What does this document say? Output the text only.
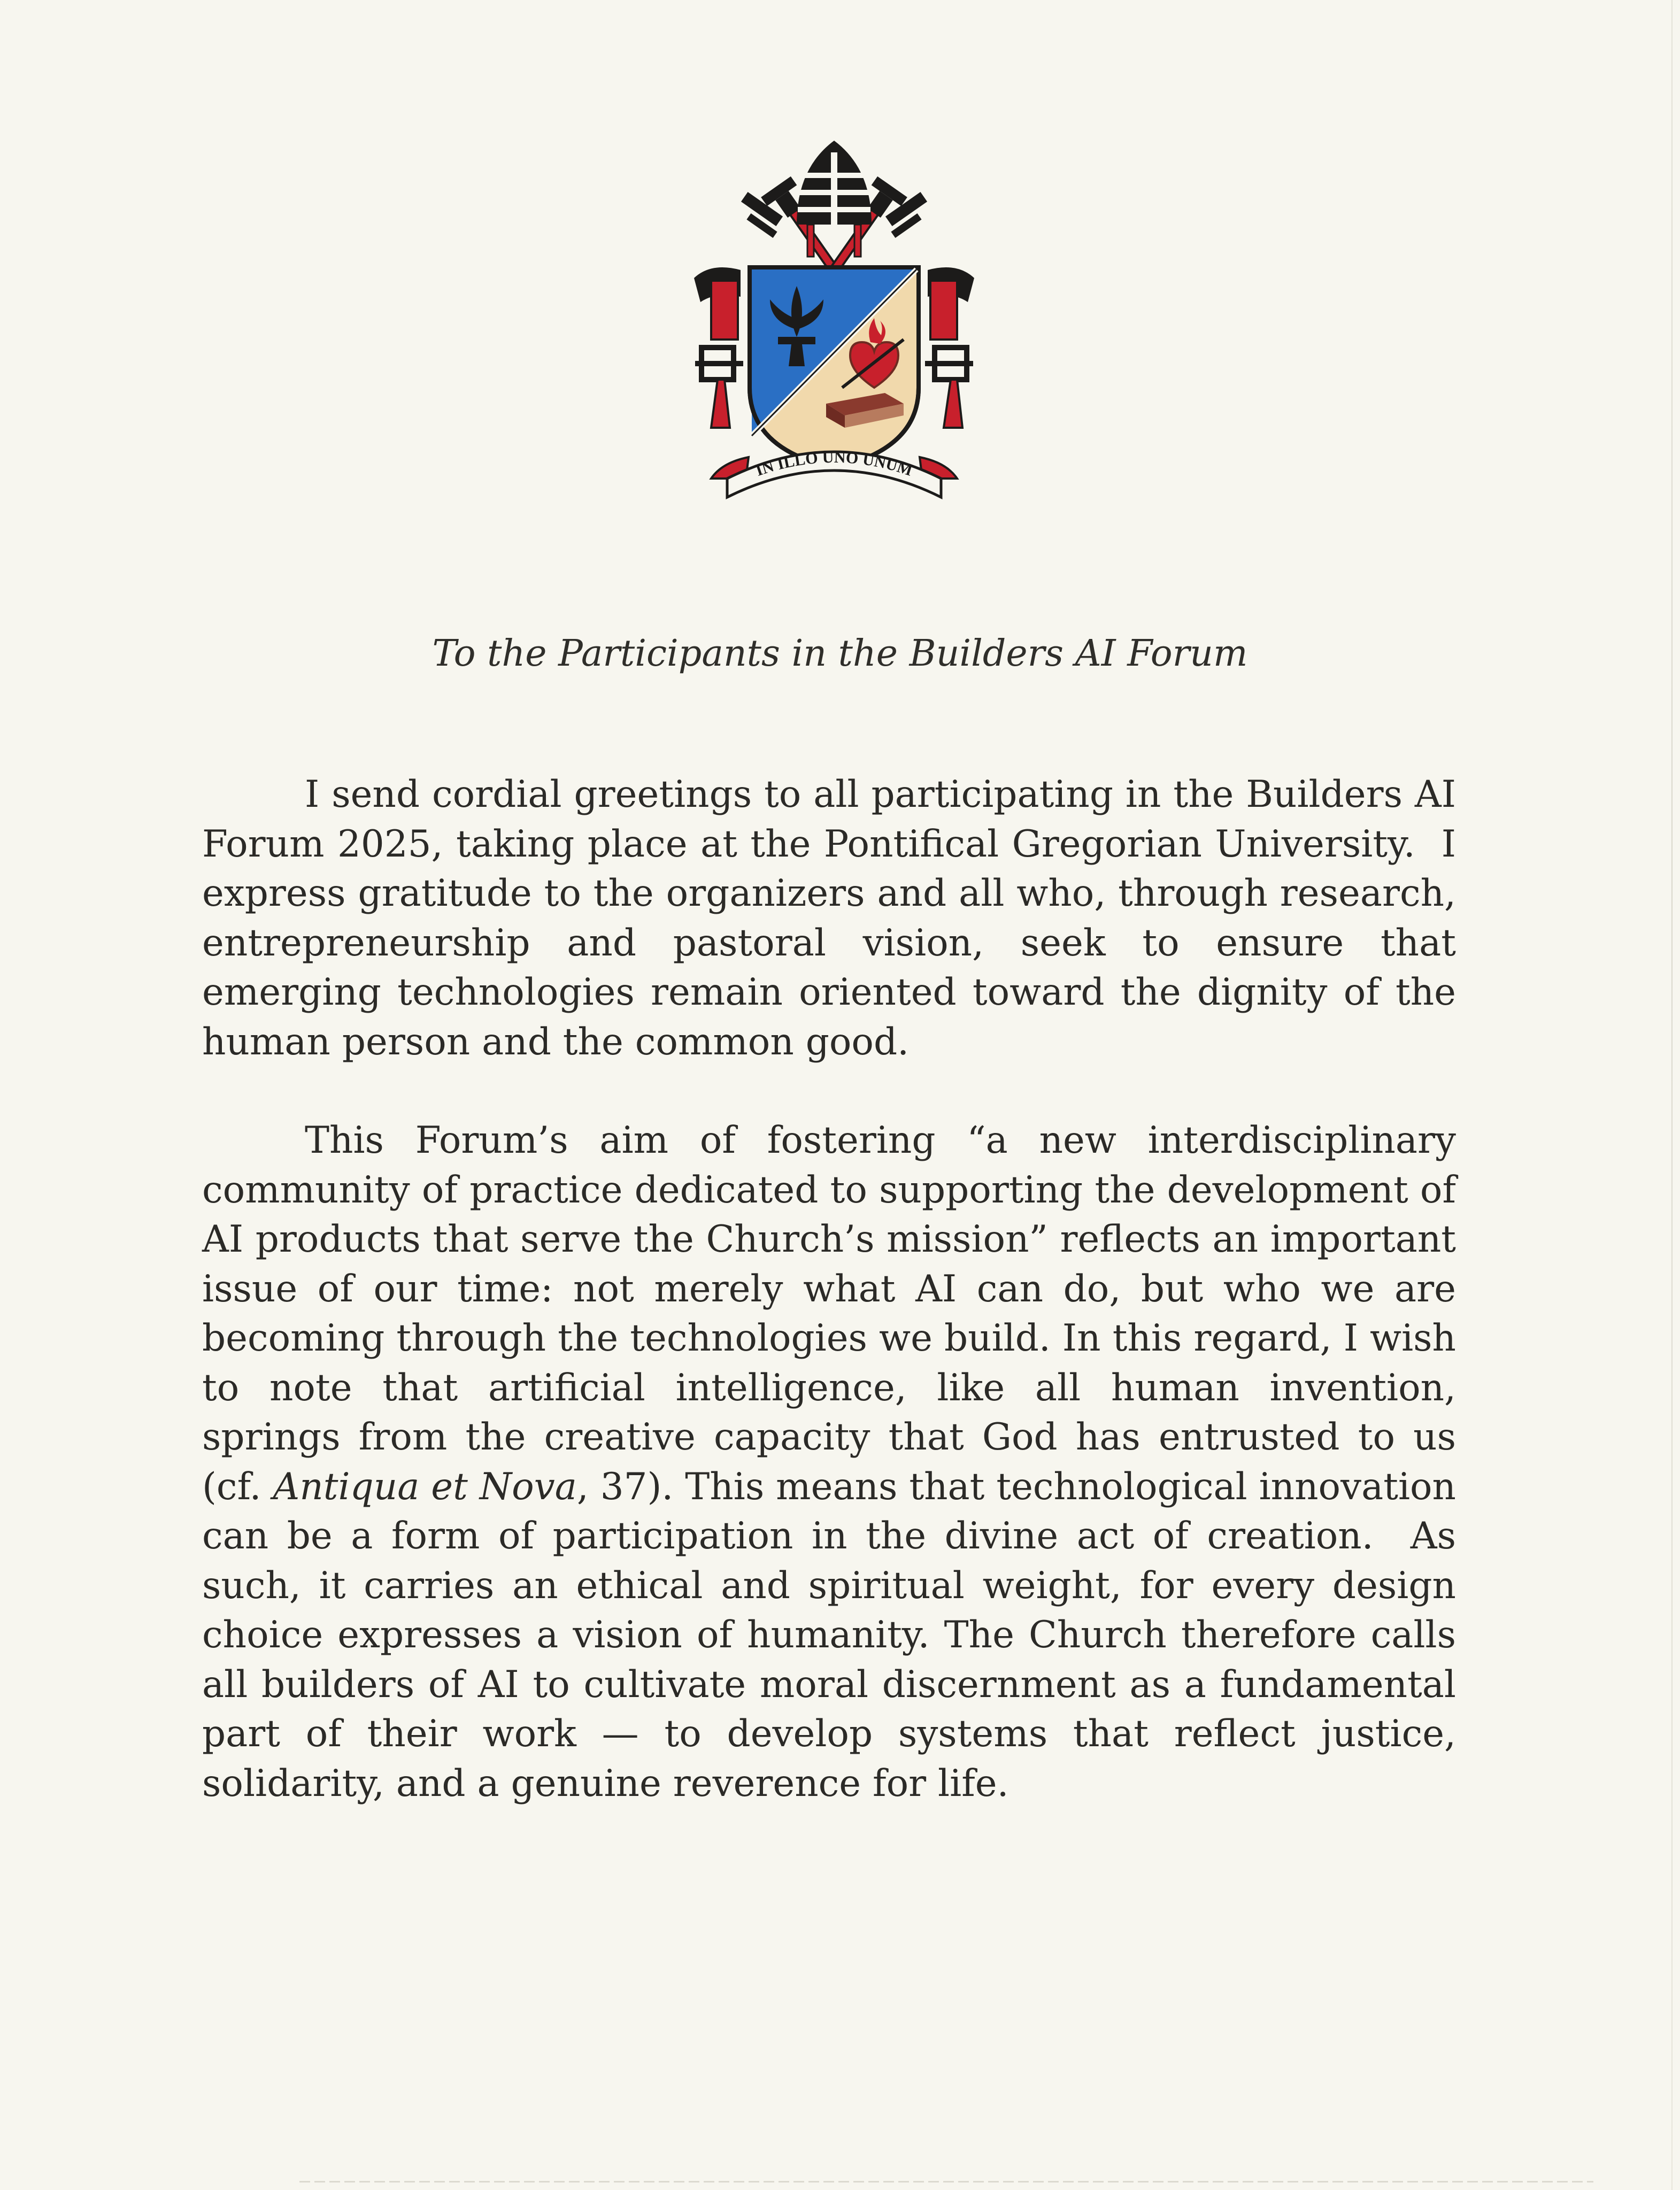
IN ILLO UNO UNUM
To the Participants in the Builders AI Forum

I send cordial greetings to all participating in the Builders AI Forum 2025, taking place at the Pontifical Gregorian University.  I express gratitude to the organizers and all who, through research, entrepreneurship and pastoral vision, seek to ensure that emerging technologies remain oriented toward the dignity of the human person and the common good.

This Forum’s aim of fostering “a new interdisciplinary community of practice dedicated to supporting the development of AI products that serve the Church’s mission” reflects an important issue of our time: not merely what AI can do, but who we are becoming through the technologies we build. In this regard, I wish to note that artificial intelligence, like all human invention, springs from the creative capacity that God has entrusted to us (cf. Antiqua et Nova, 37). This means that technological innovation can be a form of participation in the divine act of creation.  As such, it carries an ethical and spiritual weight, for every design choice expresses a vision of humanity. The Church therefore calls all builders of AI to cultivate moral discernment as a fundamental part of their work — to develop systems that reflect justice, solidarity, and a genuine reverence for life.
